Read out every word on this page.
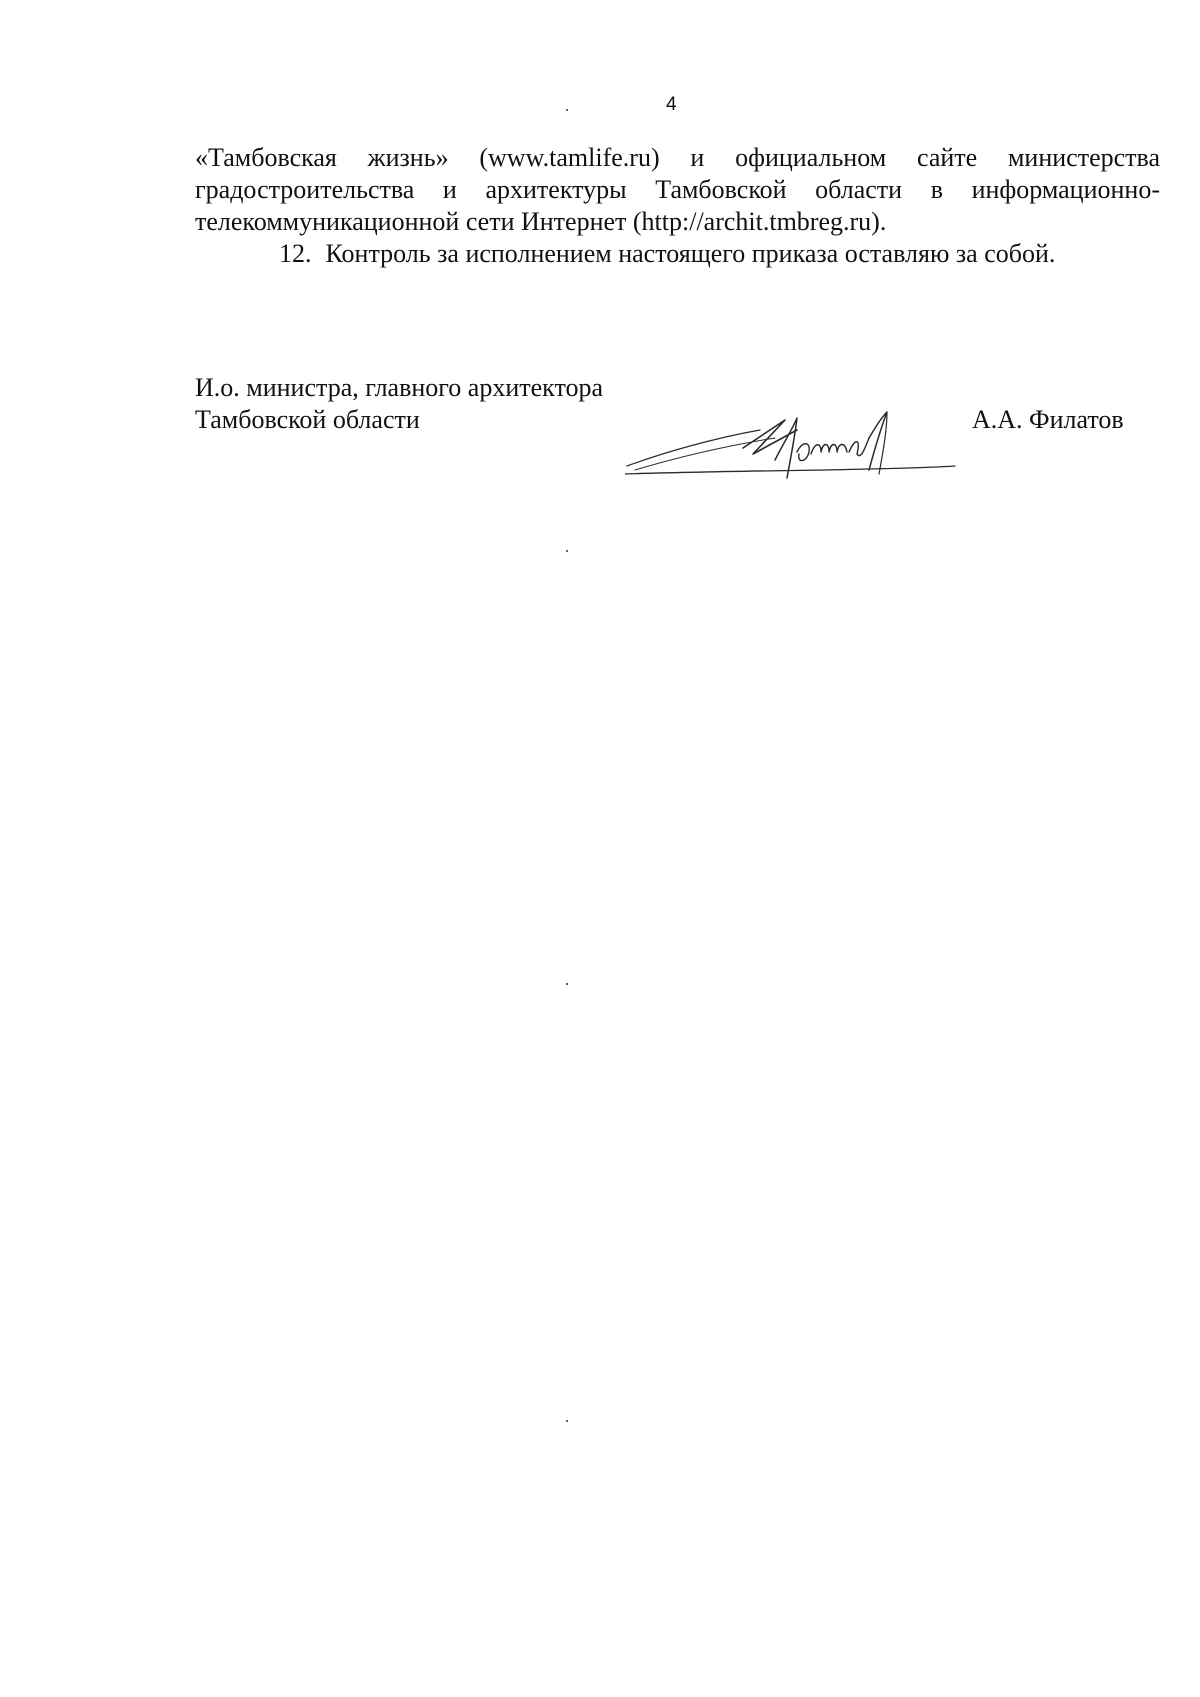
4

«Тамбовская жизнь» (www.tamlife.ru) и официальном сайте министерства градостроительства и архитектуры Тамбовской области в информационно-телекоммуникационной сети Интернет (http://archit.tmbreg.ru).

12. Контроль за исполнением настоящего приказа оставляю за собой.

И.о. министра, главного архитектора

Тамбовской области	А.А. Филатов
